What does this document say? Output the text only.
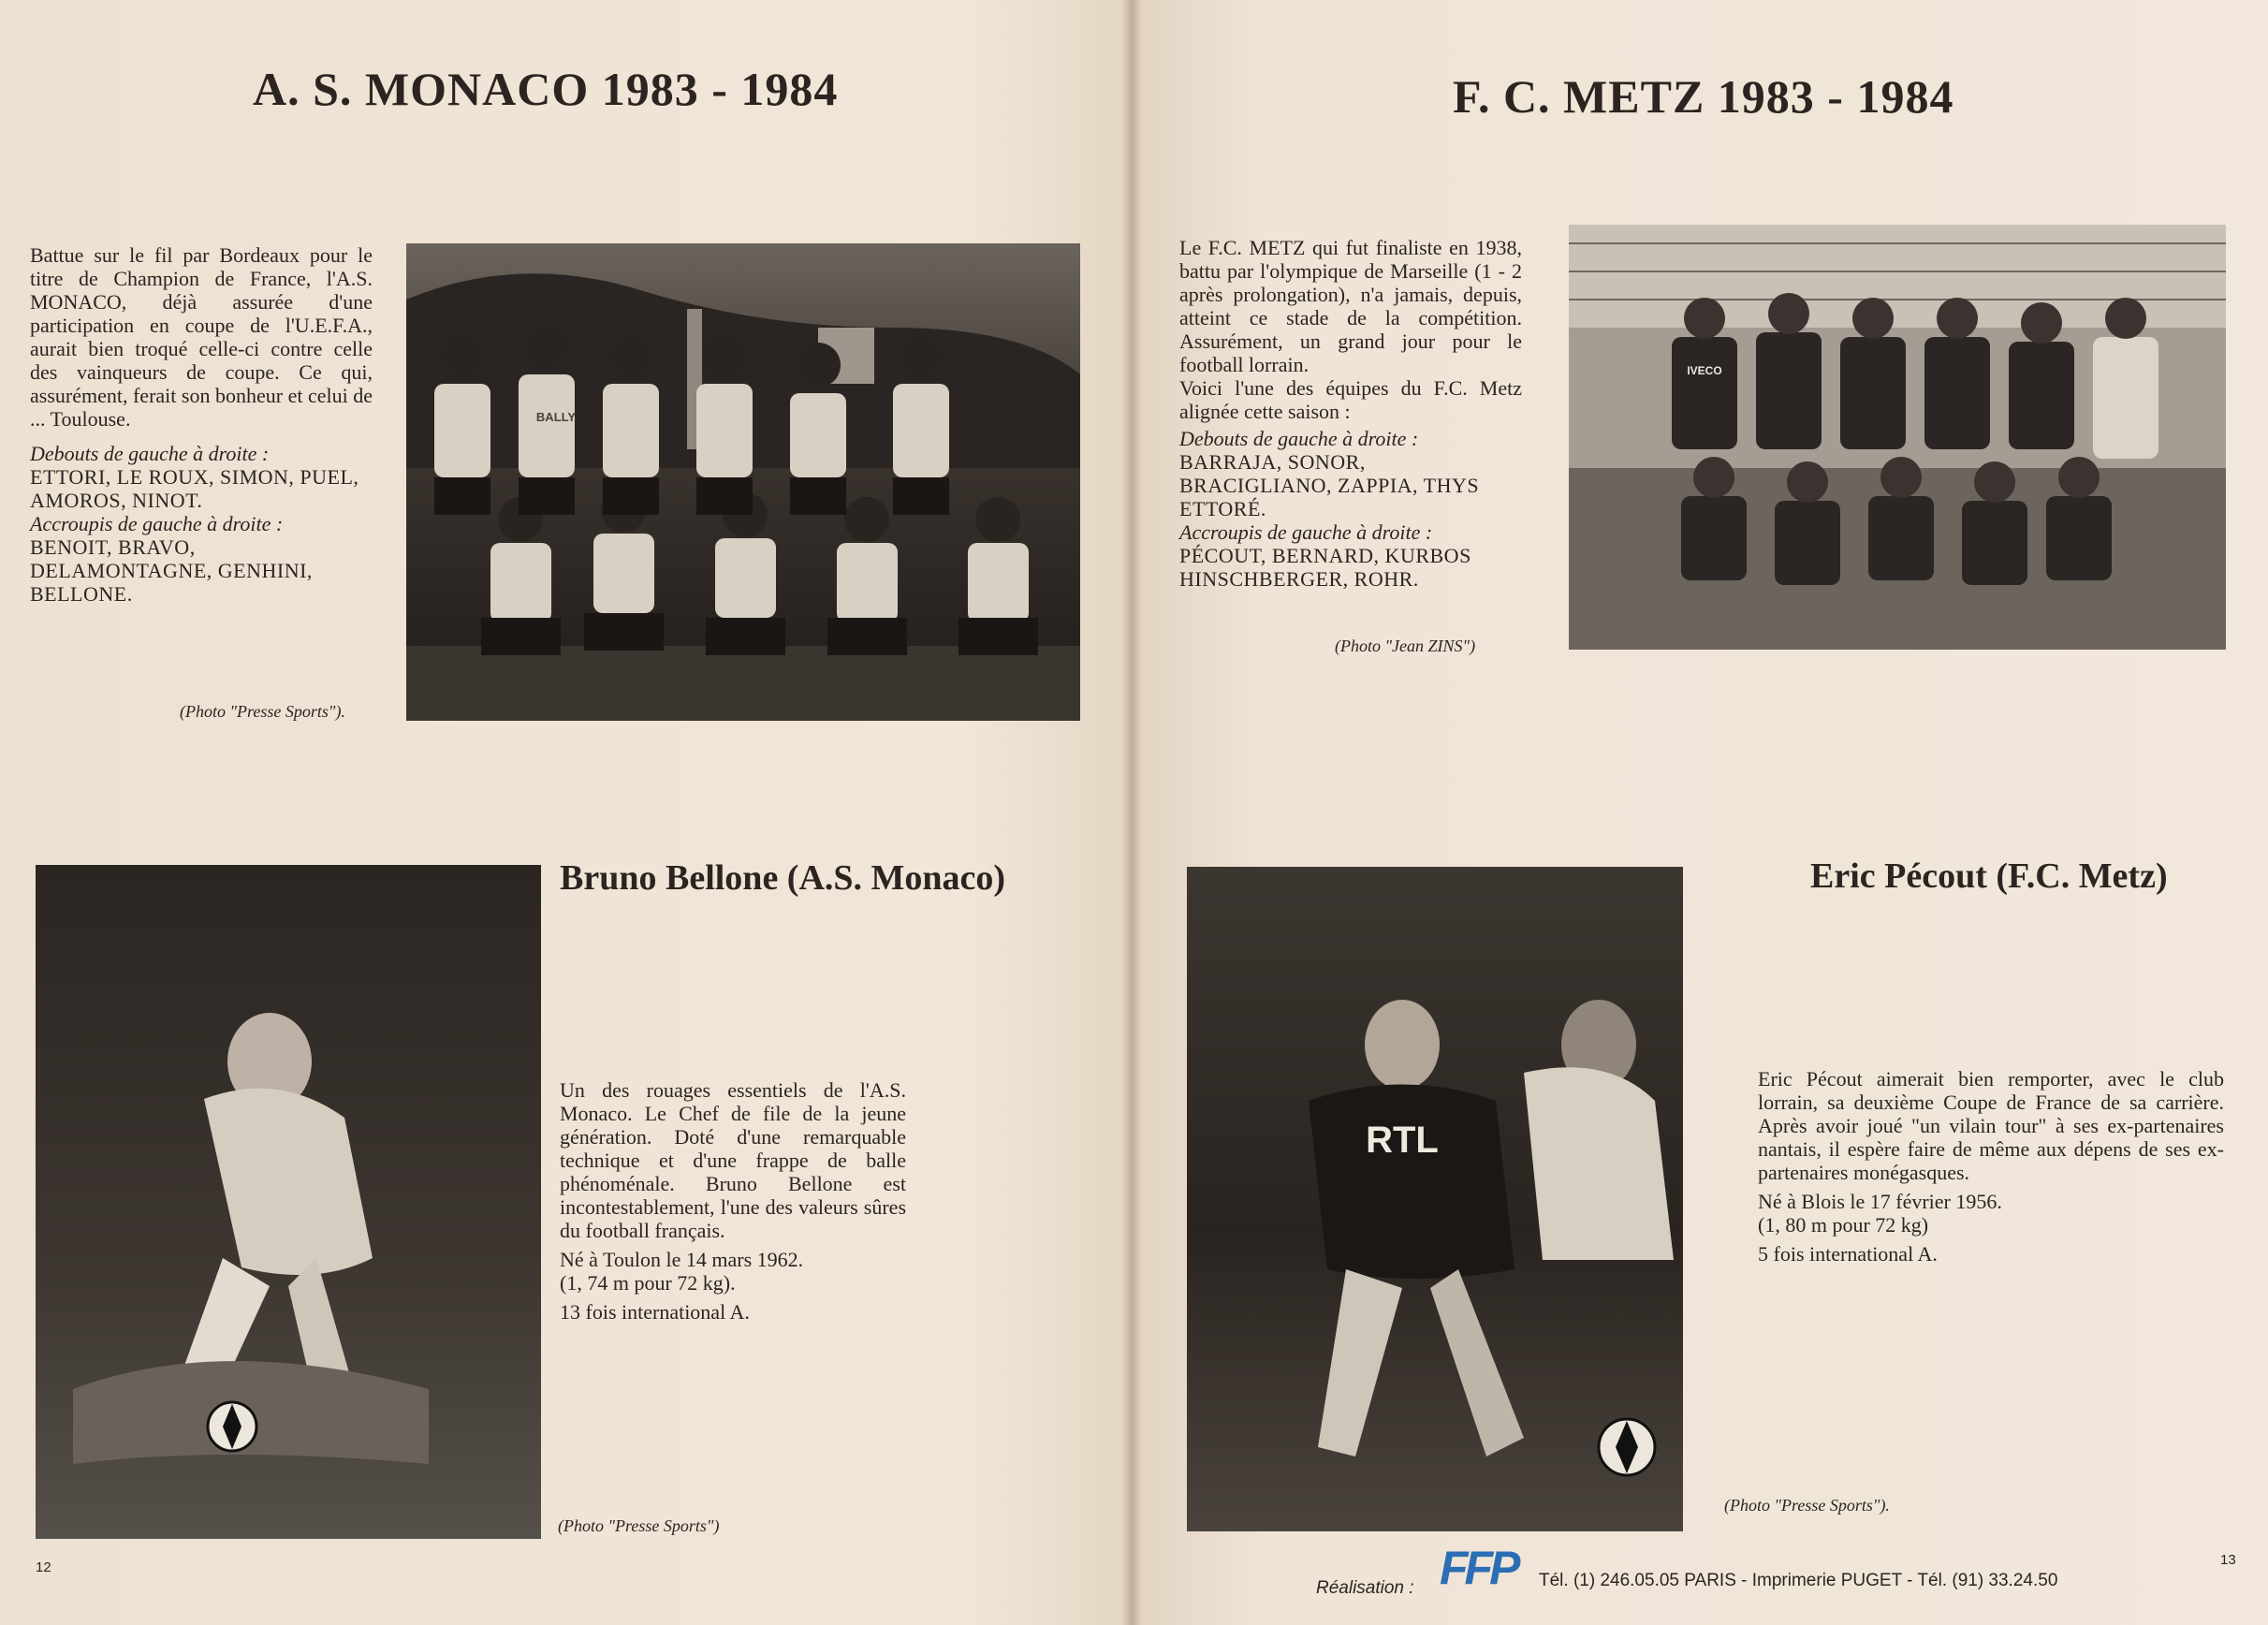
A. S. MONACO 1983 - 1984

Battue sur le fil par Bordeaux pour le titre de Champion de France, l'A.S. MONACO, déjà assurée d'une participation en coupe de l'U.E.F.A., aurait bien troqué celle-ci contre celle des vainqueurs de coupe. Ce qui, assurément, ferait son bonheur et celui de ... Toulouse.

Debouts de gauche à droite :

ETTORI, LE ROUX, SIMON, PUEL, AMOROS, NINOT.

Accroupis de gauche à droite :

BENOIT, BRAVO, DELAMONTAGNE, GENHINI, BELLONE.

(Photo "Presse Sports").
BALLY
Bruno Bellone (A.S. Monaco)

Un des rouages essentiels de l'A.S. Monaco. Le Chef de file de la jeune génération. Doté d'une remarquable technique et d'une frappe de balle phénoménale. Bruno Bellone est incontestablement, l'une des valeurs sûres du football français.

Né à Toulon le 14 mars 1962.

(1, 74 m pour 72 kg).

13 fois international A.

(Photo "Presse Sports")
12
F. C. METZ 1983 - 1984

Le F.C. METZ qui fut finaliste en 1938, battu par l'olympique de Marseille (1 - 2 après prolongation), n'a jamais, depuis, atteint ce stade de la compétition. Assurément, un grand jour pour le football lorrain.

Voici l'une des équipes du F.C. Metz alignée cette saison :

Debouts de gauche à droite :

BARRAJA, SONOR, BRACIGLIANO, ZAPPIA, THYS ETTORÉ.

Accroupis de gauche à droite :

PÉCOUT, BERNARD, KURBOS HINSCHBERGER, ROHR.

(Photo "Jean ZINS")
IVECO
RTL
Eric Pécout (F.C. Metz)

Eric Pécout aimerait bien remporter, avec le club lorrain, sa deuxième Coupe de France de sa carrière. Après avoir joué "un vilain tour" à ses ex-partenaires nantais, il espère faire de même aux dépens de ses ex-partenaires monégasques.

Né à Blois le 17 février 1956.

(1, 80 m pour 72 kg)

5 fois international A.

(Photo "Presse Sports").
Réalisation : FFP Tél. (1) 246.05.05 PARIS - Imprimerie PUGET - Tél. (91) 33.24.50
13
